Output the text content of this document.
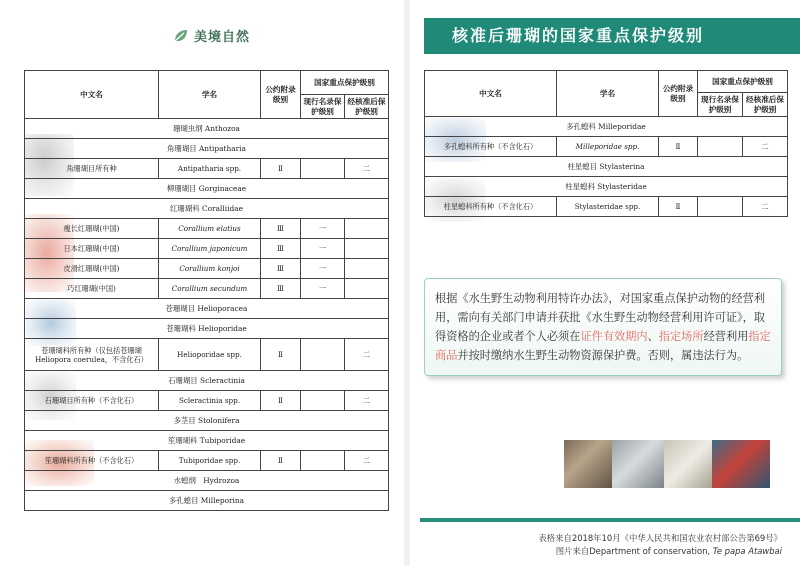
美境自然
中文名	学名	公约附录级别	国家重点保护级别	
			现行名录保护级别	经核准后保护级别
珊瑚虫纲 Anthozoa				
角珊瑚目 Antipatharia				
角珊瑚目所有种	Antipatharia spp.	Ⅱ		二
柳珊瑚目 Gorginaceae				
红珊瑚科 Coralliidae				
瘦长红珊瑚(中国)	Corallium elatius	Ⅲ	一	
日本红珊瑚(中国)	Corallium japonicum	Ⅲ	一	
皮滑红珊瑚(中国)	Corallium konjoi	Ⅲ	一	
巧红珊瑚(中国)	Corallium secundum	Ⅲ	一	
苍珊瑚目 Helioporacea				
苍珊瑚科 Helioporidae				
苍珊瑚科所有种（仅包括苍珊瑚 Heliopora coerulea，不含化石）	Helioporidae spp.	Ⅱ		二
石珊瑚目 Scleractinia				
石珊瑚目所有种（不含化石）	Scleractinia spp.	Ⅱ		二
多茎目 Stolonifera				
笙珊瑚科 Tubiporidae				
笙珊瑚科所有种（不含化石）	Tubiporidae spp.	Ⅱ		二
水螅纲　Hydrozoa				
多孔螅目 Milleporina				
核准后珊瑚的国家重点保护级别
中文名	学名	公约附录级别	国家重点保护级别	
			现行名录保护级别	经核准后保护级别
多孔螅科 Milleporidae				
多孔螅科所有种（不含化石）	Milleporidae spp.	Ⅱ		二
柱星螅目 Stylasterina				
柱星螅科 Stylasteridae				
柱星螅科所有种（不含化石）	Stylasteridae spp.	Ⅱ		二
根据《水生野生动物利用特许办法》，对国家重点保护动物的经营利用，需向有关部门申请并获批《水生野生动物经营利用许可证》，取得资格的企业或者个人必须在证件有效期内、指定场所经营利用指定商品并按时缴纳水生野生动物资源保护费。否则，属违法行为。
表格来自2018年10月《中华人民共和国农业农村部公告第69号》
图片来自Department of conservation, Te papa Atawbai
